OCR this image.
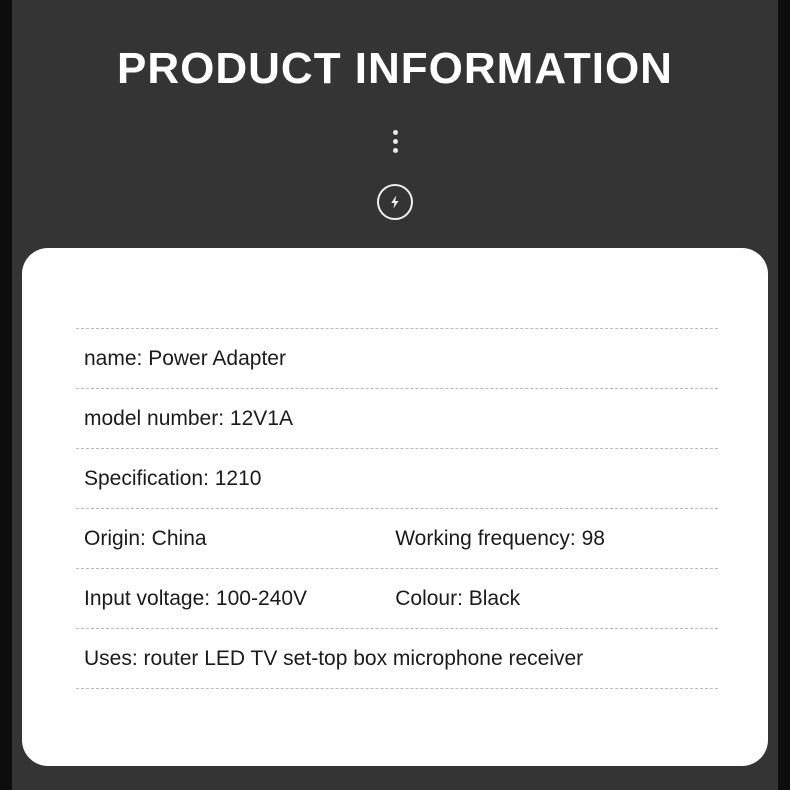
PRODUCT INFORMATION
name: Power Adapter
model number: 12V1A
Specification: 1210
Origin: China	Working frequency: 98
Input voltage: 100-240V	Colour: Black
Uses: router LED TV set-top box microphone receiver
